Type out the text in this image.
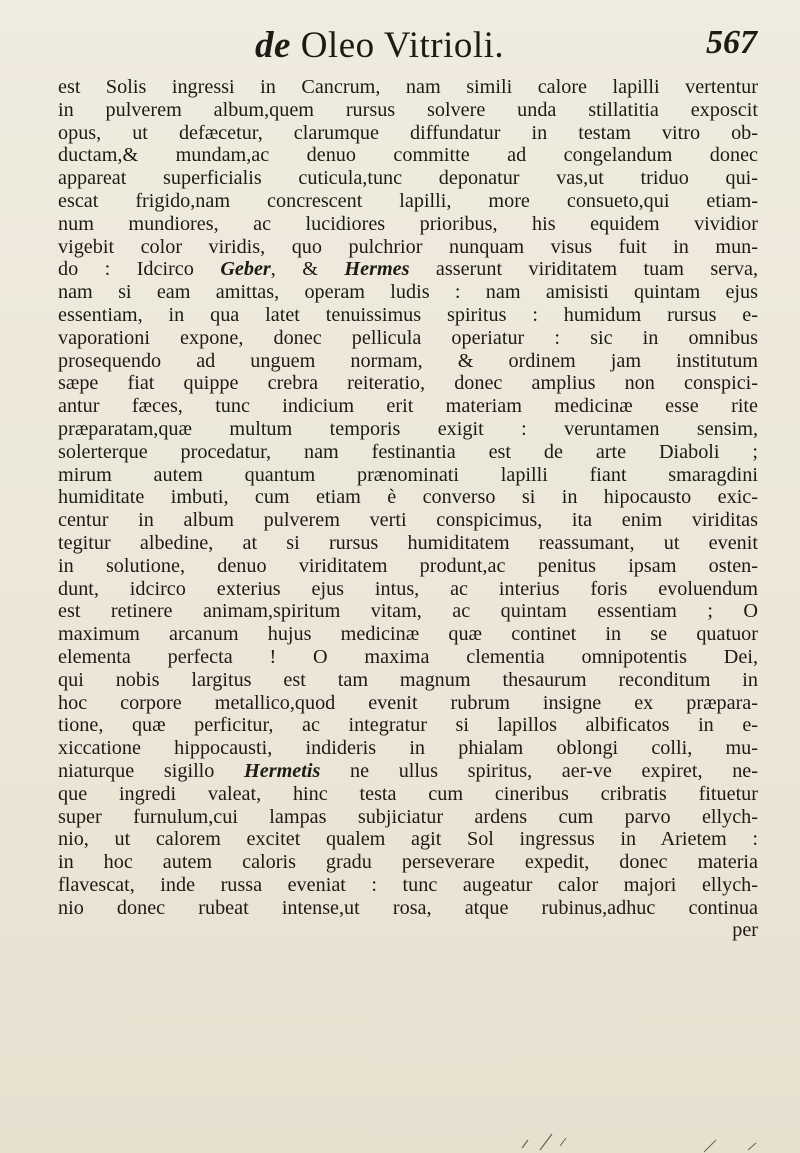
de Oleo Vitrioli.	567
est Solis ingressi in Cancrum, nam simili calore lapilli vertentur
in pulverem album,quem rursus solvere unda stillatitia exposcit
opus, ut defæcetur, clarumque diffundatur in testam vitro ob-
ductam,& mundam,ac denuo committe ad congelandum donec
appareat superficialis cuticula,tunc deponatur vas,ut triduo qui-
escat frigido,nam concrescent lapilli, more consueto,qui etiam-
num mundiores, ac lucidiores prioribus, his equidem vividior
vigebit color viridis, quo pulchrior nunquam visus fuit in mun-
do : Idcirco Geber, & Hermes asserunt viriditatem tuam serva,
nam si eam amittas, operam ludis : nam amisisti quintam ejus
essentiam, in qua latet tenuissimus spiritus : humidum rursus e-
vaporationi expone, donec pellicula operiatur : sic in omnibus
prosequendo ad unguem normam, & ordinem jam institutum
sæpe fiat quippe crebra reiteratio, donec amplius non conspici-
antur fæces, tunc indicium erit materiam medicinæ esse rite
præparatam,quæ multum temporis exigit : veruntamen sensim,
solerterque procedatur, nam festinantia est de arte Diaboli ;
mirum autem quantum prænominati lapilli fiant smaragdini
humiditate imbuti, cum etiam è converso si in hipocausto exic-
centur in album pulverem verti conspicimus, ita enim viriditas
tegitur albedine, at si rursus humiditatem reassumant, ut evenit
in solutione, denuo viriditatem produnt,ac penitus ipsam osten-
dunt, idcirco exterius ejus intus, ac interius foris evoluendum
est retinere animam,spiritum vitam, ac quintam essentiam ; O
maximum arcanum hujus medicinæ quæ continet in se quatuor
elementa perfecta ! O maxima clementia omnipotentis Dei,
qui nobis largitus est tam magnum thesaurum reconditum in
hoc corpore metallico,quod evenit rubrum insigne ex præpara-
tione, quæ perficitur, ac integratur si lapillos albificatos in e-
xiccatione hippocausti, indideris in phialam oblongi colli, mu-
niaturque sigillo Hermetis ne ullus spiritus, aer-ve expiret, ne-
que ingredi valeat, hinc testa cum cineribus cribratis fituetur
super furnulum,cui lampas subjiciatur ardens cum parvo ellych-
nio, ut calorem excitet qualem agit Sol ingressus in Arietem :
in hoc autem caloris gradu perseverare expedit, donec materia
flavescat, inde russa eveniat : tunc augeatur calor majori ellych-
nio donec rubeat intense,ut rosa, atque rubinus,adhuc continua
per
